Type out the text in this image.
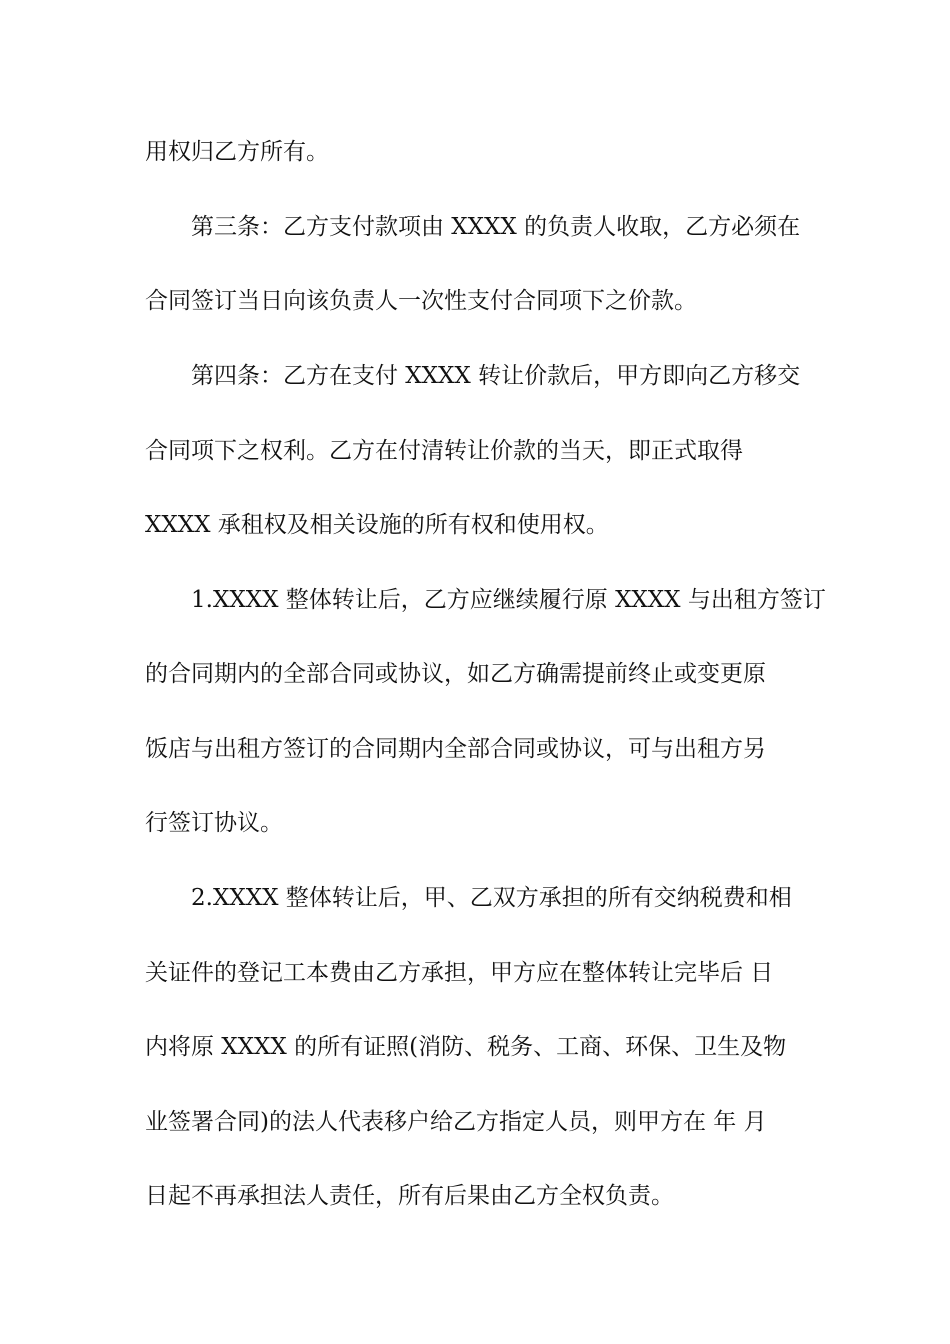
用权归乙方所有。
　　第三条：乙方支付款项由 XXXX 的负责人收取，乙方必须在
合同签订当日向该负责人一次性支付合同项下之价款。
　　第四条：乙方在支付 XXXX 转让价款后，甲方即向乙方移交
合同项下之权利。乙方在付清转让价款的当天，即正式取得
XXXX 承租权及相关设施的所有权和使用权。
　　1.XXXX 整体转让后，乙方应继续履行原 XXXX 与出租方签订
的合同期内的全部合同或协议，如乙方确需提前终止或变更原
饭店与出租方签订的合同期内全部合同或协议，可与出租方另
行签订协议。
　　2.XXXX 整体转让后，甲、乙双方承担的所有交纳税费和相
关证件的登记工本费由乙方承担，甲方应在整体转让完毕后 日
内将原 XXXX 的所有证照(消防、税务、工商、环保、卫生及物
业签署合同)的法人代表移户给乙方指定人员，则甲方在 年 月
日起不再承担法人责任，所有后果由乙方全权负责。
